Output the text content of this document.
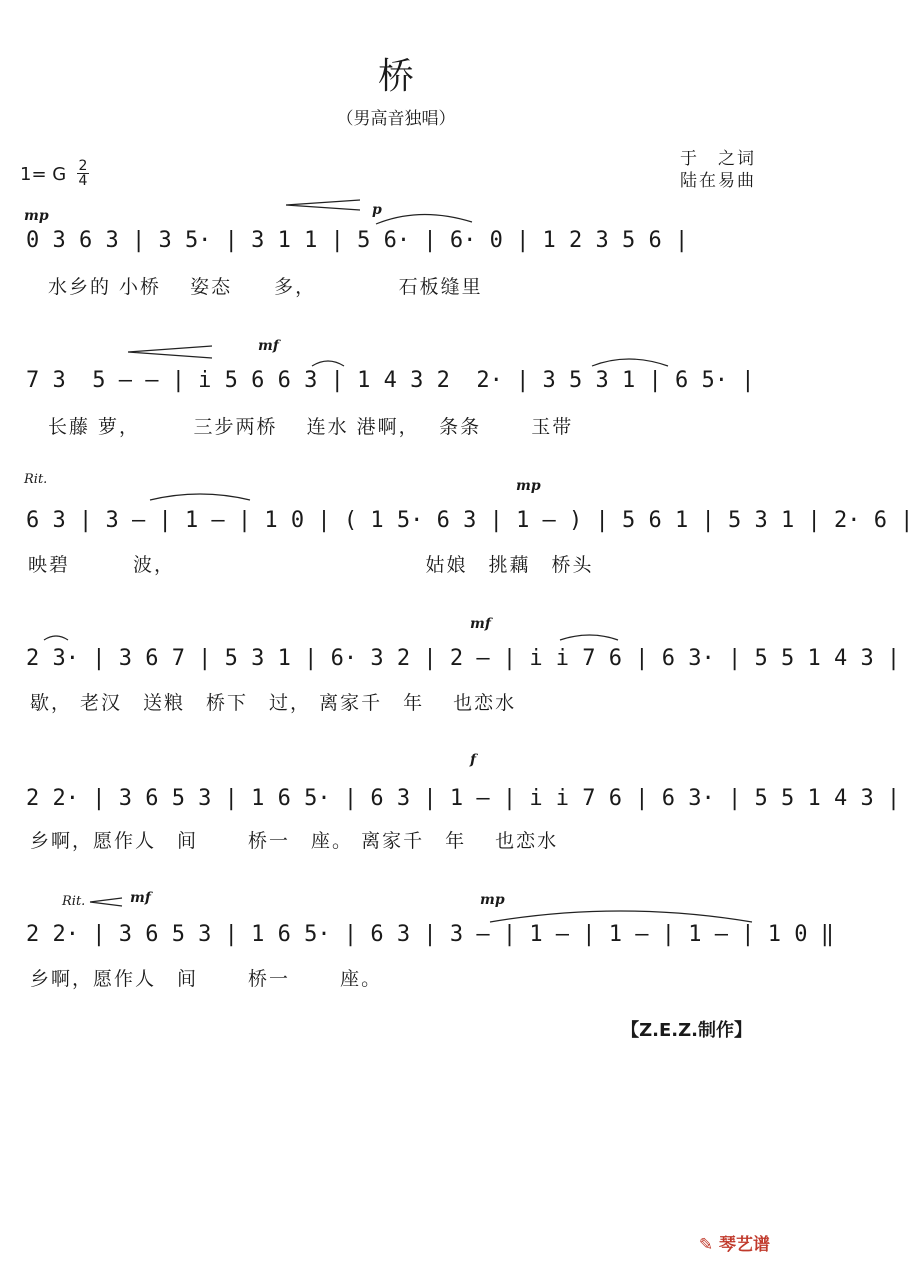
桥
（男高音独唱）
于　之词
陆在易曲
1= G 2
4
mp	p
0 3 6 3 | 3 5· | 3 1 1 | 5 6· | 6· 0 | 1 2 3 5 6 |
水乡的 小桥　 姿态　　多，　　　　 石板缝里
mf
7 3  5 — — | i 5 6 6 3 | 1 4 3 2  2· | 3 5 3 1 | 6 5· |
长藤 萝，　　　三步两桥　 连水 港啊，　 条条　　 玉带
Rit.	mp
6 3 | 3 — | 1 — | 1 0 | ( 1 5· 6 3 | 1 — ) | 5 6 1 | 5 3 1 | 2· 6 |
映碧　　　波，　　　　　　　　　　　　 姑娘　挑藕　桥头
mf
2 3· | 3 6 7 | 5 3 1 | 6· 3 2 | 2 — | i i 7 6 | 6 3· | 5 5 1 4 3 |
歇， 老汉　送粮　桥下　过， 离家千　年　 也恋水
f
2 2· | 3 6 5 3 | 1 6 5· | 6 3 | 1 — | i i 7 6 | 6 3· | 5 5 1 4 3 |
乡啊，愿作人　间　　 桥一　座。 离家千　年　 也恋水
Rit.	mf	mp
2 2· | 3 6 5 3 | 1 6 5· | 6 3 | 3 — | 1 — | 1 — | 1 — | 1 0 ‖
乡啊，愿作人　间　　 桥一　　 座。
【Z.E.Z.制作】
✎ 琴艺谱
